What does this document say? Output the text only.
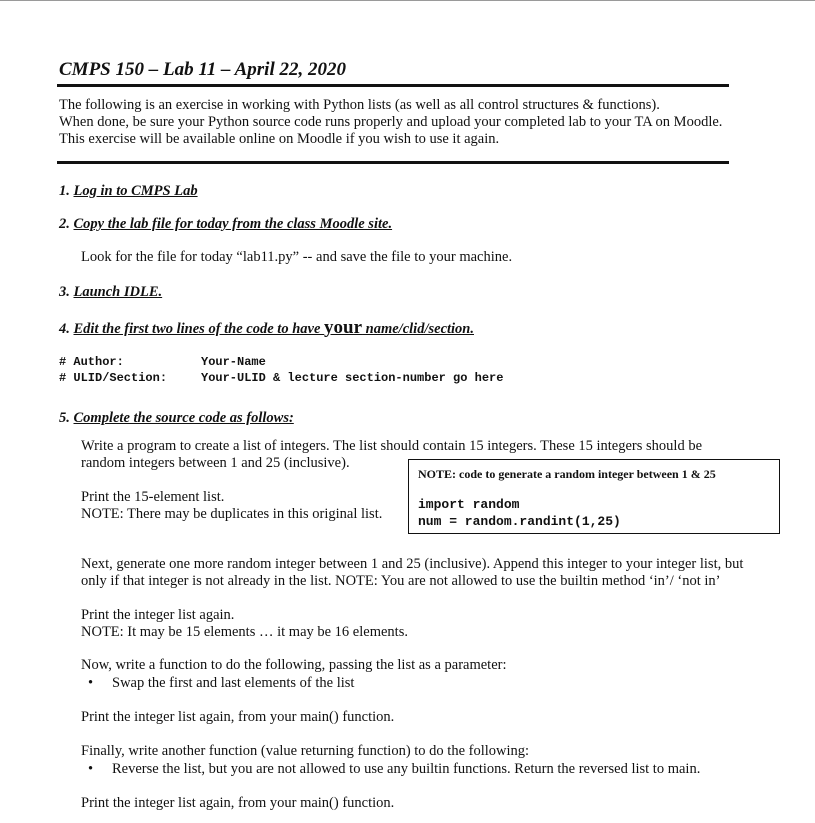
CMPS 150 – Lab 11 – April 22, 2020
The following is an exercise in working with Python lists (as well as all control structures & functions).
When done, be sure your Python source code runs properly and upload your completed lab to your TA on Moodle.
This exercise will be available online on Moodle if you wish to use it again.
1. Log in to CMPS Lab
2. Copy the lab file for today from the class Moodle site.
Look for the file for today “lab11.py” -- and save the file to your machine.
3. Launch IDLE.
4. Edit the first two lines of the code to have your name/clid/section.
# Author:	Your-Name
# ULID/Section:	Your-ULID & lecture section-number go here
5. Complete the source code as follows:
Write a program to create a list of integers. The list should contain 15 integers. These 15 integers should be
random integers between 1 and 25 (inclusive).
NOTE: code to generate a random integer between 1 & 25
import random
num = random.randint(1,25)
Print the 15-element list.
NOTE: There may be duplicates in this original list.
Next, generate one more random integer between 1 and 25 (inclusive). Append this integer to your integer list, but
only if that integer is not already in the list. NOTE: You are not allowed to use the builtin method ‘in’/ ‘not in’
Print the integer list again.
NOTE: It may be 15 elements … it may be 16 elements.
Now, write a function to do the following, passing the list as a parameter:
• Swap the first and last elements of the list
Print the integer list again, from your main() function.
Finally, write another function (value returning function) to do the following:
• Reverse the list, but you are not allowed to use any builtin functions. Return the reversed list to main.
Print the integer list again, from your main() function.
